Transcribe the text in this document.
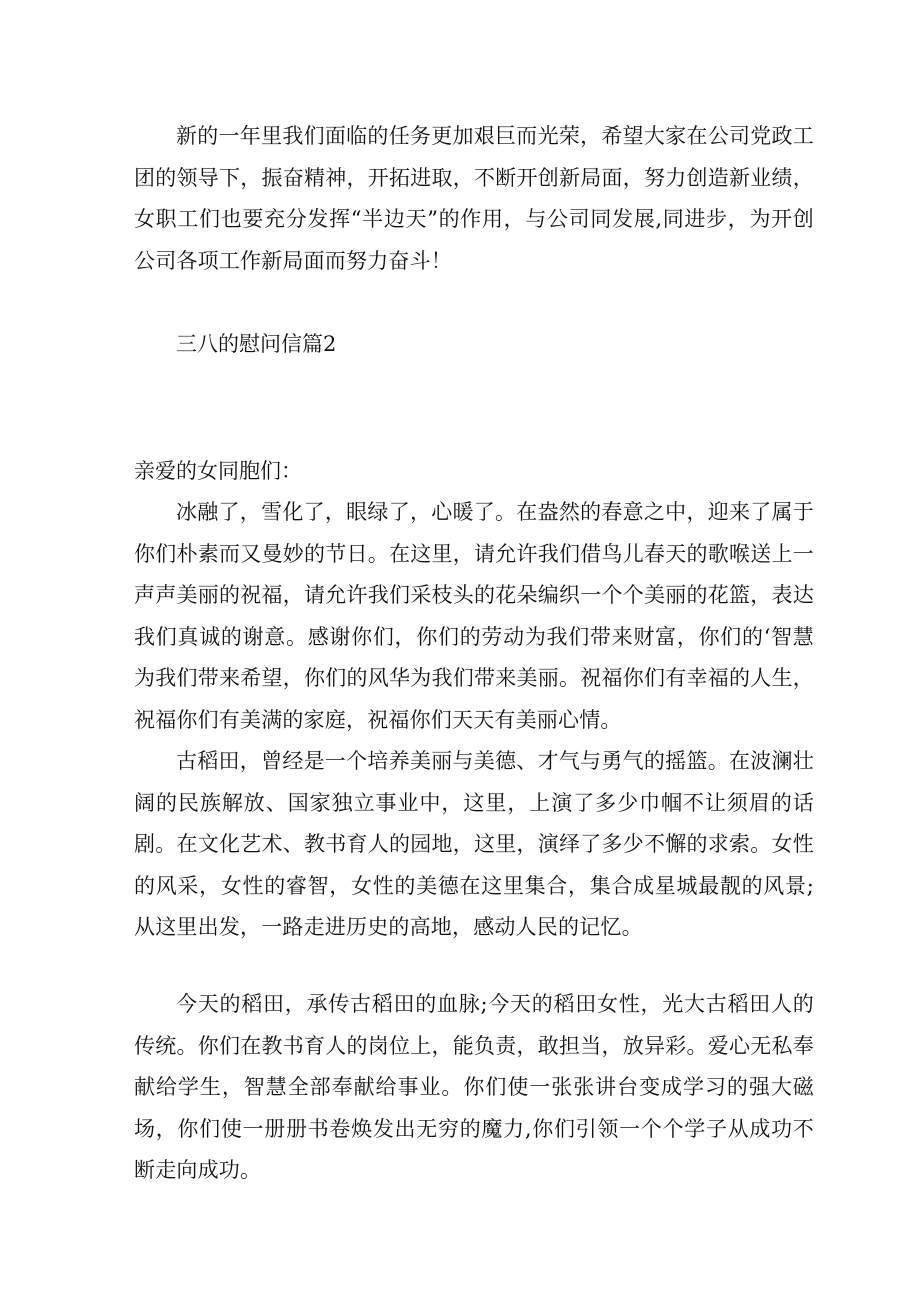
新的一年里我们面临的任务更加艰巨而光荣，希望大家在公司党政工团的领导下，振奋精神，开拓进取，不断开创新局面，努力创造新业绩，女职工们也要充分发挥“半边天”的作用，与公司同发展,同进步，为开创公司各项工作新局面而努力奋斗！

三八的慰问信篇2

亲爱的女同胞们：

冰融了，雪化了，眼绿了，心暖了。在盎然的春意之中，迎来了属于你们朴素而又曼妙的节日。在这里，请允许我们借鸟儿春天的歌喉送上一声声美丽的祝福，请允许我们采枝头的花朵编织一个个美丽的花篮，表达我们真诚的谢意。感谢你们，你们的劳动为我们带来财富，你们的‘智慧为我们带来希望，你们的风华为我们带来美丽。祝福你们有幸福的人生，祝福你们有美满的家庭，祝福你们天天有美丽心情。

古稻田，曾经是一个培养美丽与美德、才气与勇气的摇篮。在波澜壮阔的民族解放、国家独立事业中，这里，上演了多少巾帼不让须眉的话剧。在文化艺术、教书育人的园地，这里，演绎了多少不懈的求索。女性的风采，女性的睿智，女性的美德在这里集合，集合成星城最靓的风景;从这里出发，一路走进历史的高地，感动人民的记忆。

今天的稻田，承传古稻田的血脉;今天的稻田女性，光大古稻田人的传统。你们在教书育人的岗位上，能负责，敢担当，放异彩。爱心无私奉献给学生，智慧全部奉献给事业。你们使一张张讲台变成学习的强大磁场，你们使一册册书卷焕发出无穷的魔力,你们引领一个个学子从成功不断走向成功。
